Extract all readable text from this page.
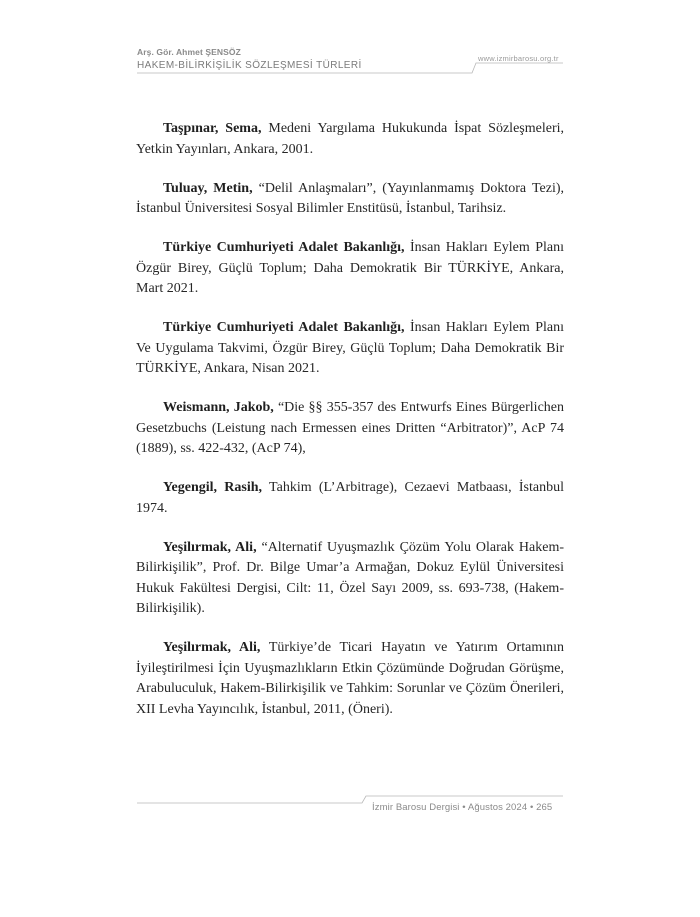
Arş. Gör. Ahmet ŞENSÖZ
HAKEM-BİLİRKİŞİLİK SÖZLEŞMESİ TÜRLERİ
www.izmirbarosu.org.tr

Taşpınar, Sema, Medeni Yargılama Hukukunda İspat Sözleşmeleri, Yetkin Yayınları, Ankara, 2001.

Tuluay, Metin, “Delil Anlaşmaları”, (Yayınlanmamış Doktora Tezi), İstanbul Üniversitesi Sosyal Bilimler Enstitüsü, İstanbul, Tarihsiz.

Türkiye Cumhuriyeti Adalet Bakanlığı, İnsan Hakları Eylem Planı Özgür Birey, Güçlü Toplum; Daha Demokratik Bir TÜRKİYE, Ankara, Mart 2021.

Türkiye Cumhuriyeti Adalet Bakanlığı, İnsan Hakları Eylem Planı Ve Uygulama Takvimi, Özgür Birey, Güçlü Toplum; Daha Demokratik Bir TÜRKİYE, Ankara, Nisan 2021.

Weismann, Jakob, “Die §§ 355-357 des Entwurfs Eines Bürgerlichen Gesetzbuchs (Leistung nach Ermessen eines Dritten “Arbitrator)”, AcP 74 (1889), ss. 422-432, (AcP 74),

Yegengil, Rasih, Tahkim (L’Arbitrage), Cezaevi Matbaası, İstanbul 1974.

Yeşilırmak, Ali, “Alternatif Uyuşmazlık Çözüm Yolu Olarak Hakem-Bilirkişilik”, Prof. Dr. Bilge Umar’a Armağan, Dokuz Eylül Üniversitesi Hukuk Fakültesi Dergisi, Cilt: 11, Özel Sayı 2009, ss. 693-738, (Hakem-Bilirkişilik).

Yeşilırmak, Ali, Türkiye’de Ticari Hayatın ve Yatırım Ortamının İyileştirilmesi İçin Uyuşmazlıkların Etkin Çözümünde Doğrudan Görüşme, Arabuluculuk, Hakem-Bilirkişilik ve Tahkim: Sorunlar ve Çözüm Önerileri, XII Levha Yayıncılık, İstanbul, 2011, (Öneri).

İzmir Barosu Dergisi • Ağustos 2024 • 265
